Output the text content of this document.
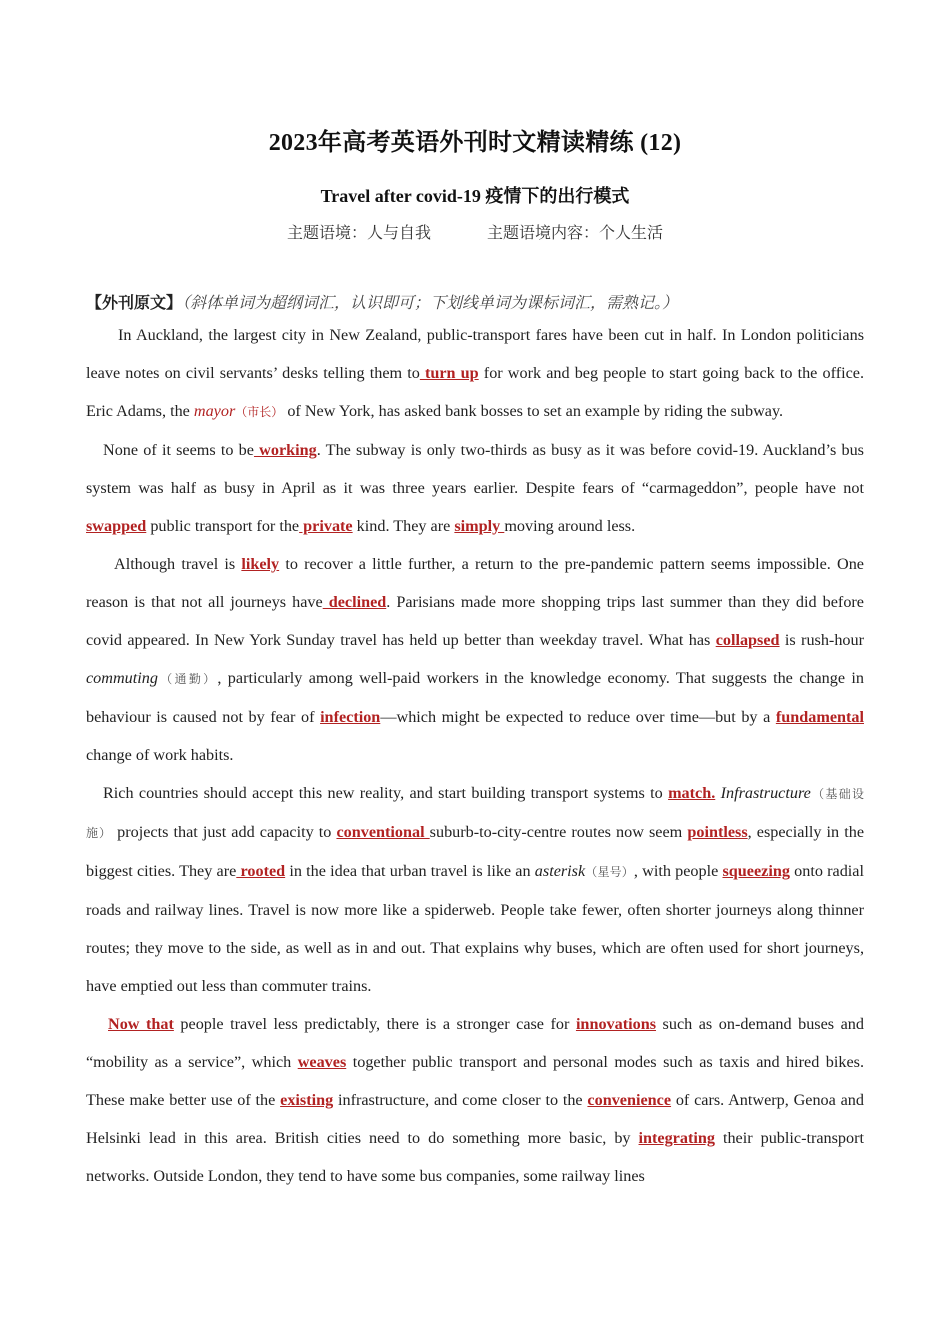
2023年高考英语外刊时文精读精练 (12)
Travel after covid-19 疫情下的出行模式
主题语境：人与自我	主题语境内容：个人生活
【外刊原文】（斜体单词为超纲词汇，认识即可；下划线单词为课标词汇，需熟记。）

In Auckland, the largest city in New Zealand, public-transport fares have been cut in half. In London politicians leave notes on civil servants’ desks telling them to turn up for work and beg people to start going back to the office. Eric Adams, the mayor（市长） of New York, has asked bank bosses to set an example by riding the subway.

None of it seems to be working. The subway is only two-thirds as busy as it was before covid-19. Auckland’s bus system was half as busy in April as it was three years earlier. Despite fears of “carmageddon”, people have not swapped public transport for the private kind. They are simply moving around less.

Although travel is likely to recover a little further, a return to the pre-pandemic pattern seems impossible. One reason is that not all journeys have declined. Parisians made more shopping trips last summer than they did before covid appeared. In New York Sunday travel has held up better than weekday travel. What has collapsed is rush-hour commuting（通勤）, particularly among well-paid workers in the knowledge economy. That suggests the change in behaviour is caused not by fear of infection—which might be expected to reduce over time—but by a fundamental change of work habits.

Rich countries should accept this new reality, and start building transport systems to match. Infrastructure（基础设施） projects that just add capacity to conventional suburb-to-city-centre routes now seem pointless, especially in the biggest cities. They are rooted in the idea that urban travel is like an asterisk（星号）, with people squeezing onto radial roads and railway lines. Travel is now more like a spiderweb. People take fewer, often shorter journeys along thinner routes; they move to the side, as well as in and out. That explains why buses, which are often used for short journeys, have emptied out less than commuter trains.

Now that people travel less predictably, there is a stronger case for innovations such as on-demand buses and “mobility as a service”, which weaves together public transport and personal modes such as taxis and hired bikes. These make better use of the existing infrastructure, and come closer to the convenience of cars. Antwerp, Genoa and Helsinki lead in this area. British cities need to do something more basic, by integrating their public-transport networks. Outside London, they tend to have some bus companies, some railway lines
